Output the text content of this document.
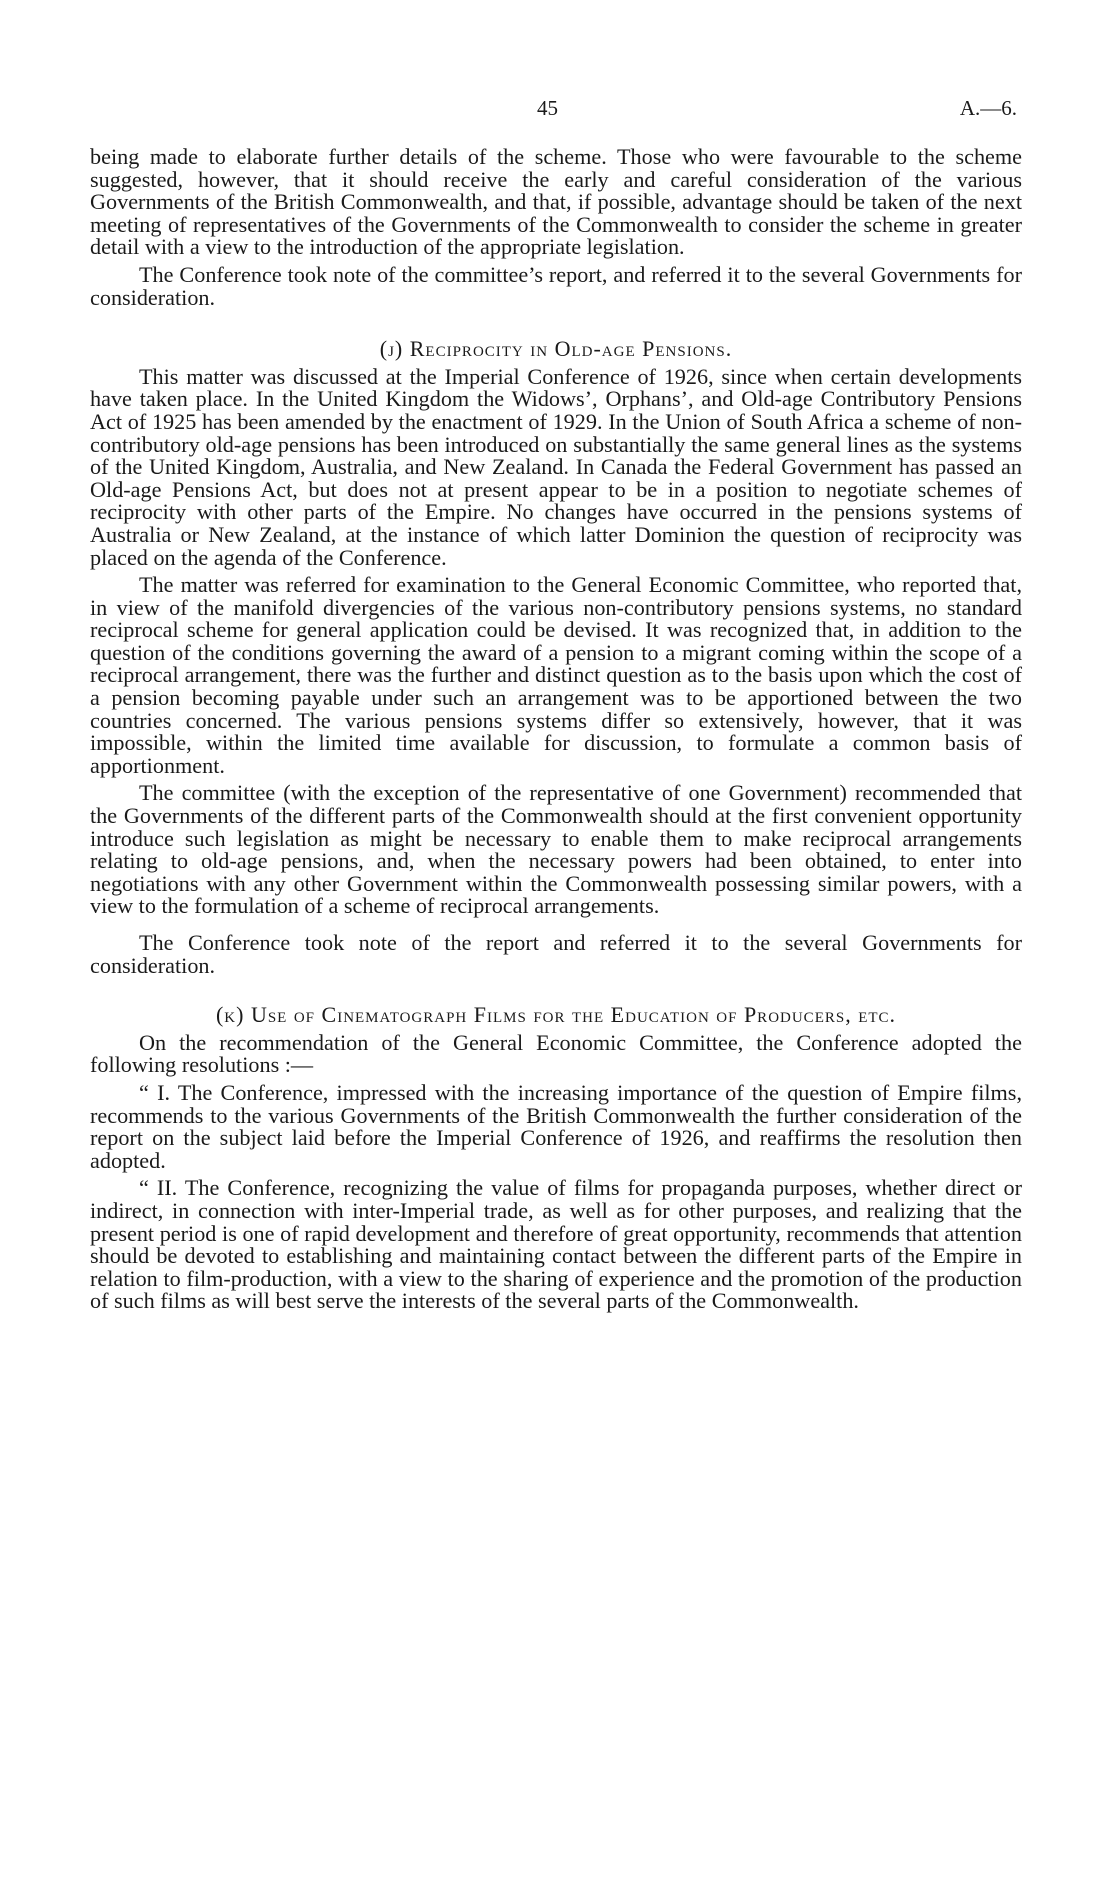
45	A.—6.

being made to elaborate further details of the scheme. Those who were favourable to the scheme suggested, however, that it should receive the early and careful consideration of the various Governments of the British Commonwealth, and that, if possible, advantage should be taken of the next meeting of representatives of the Governments of the Commonwealth to consider the scheme in greater detail with a view to the introduction of the appropriate legislation.

The Conference took note of the committee’s report, and referred it to the several Governments for consideration.

(j) Reciprocity in Old-age Pensions.

This matter was discussed at the Imperial Conference of 1926, since when certain developments have taken place. In the United Kingdom the Widows’, Orphans’, and Old-age Contributory Pensions Act of 1925 has been amended by the enactment of 1929. In the Union of South Africa a scheme of non-contributory old-age pensions has been introduced on substantially the same general lines as the systems of the United Kingdom, Australia, and New Zealand. In Canada the Federal Government has passed an Old-age Pensions Act, but does not at present appear to be in a position to negotiate schemes of reciprocity with other parts of the Empire. No changes have occurred in the pensions systems of Australia or New Zealand, at the instance of which latter Dominion the question of reciprocity was placed on the agenda of the Conference.

The matter was referred for examination to the General Economic Committee, who reported that, in view of the manifold divergencies of the various non-contributory pensions systems, no standard reciprocal scheme for general application could be devised. It was recognized that, in addition to the question of the conditions governing the award of a pension to a migrant coming within the scope of a reciprocal arrangement, there was the further and distinct question as to the basis upon which the cost of a pension becoming payable under such an arrangement was to be apportioned between the two countries concerned. The various pensions systems differ so extensively, however, that it was impossible, within the limited time available for discussion, to formulate a common basis of apportionment.

The committee (with the exception of the representative of one Government) recommended that the Governments of the different parts of the Commonwealth should at the first convenient opportunity introduce such legislation as might be necessary to enable them to make reciprocal arrangements relating to old-age pensions, and, when the necessary powers had been obtained, to enter into negotiations with any other Government within the Commonwealth possessing similar powers, with a view to the formulation of a scheme of reciprocal arrangements.

The Conference took note of the report and referred it to the several Governments for consideration.

(k) Use of Cinematograph Films for the Education of Producers, etc.

On the recommendation of the General Economic Committee, the Conference adopted the following resolutions :—

“ I. The Conference, impressed with the increasing importance of the question of Empire films, recommends to the various Governments of the British Commonwealth the further consideration of the report on the subject laid before the Imperial Conference of 1926, and reaffirms the resolution then adopted.

“ II. The Conference, recognizing the value of films for propaganda purposes, whether direct or indirect, in connection with inter-Imperial trade, as well as for other purposes, and realizing that the present period is one of rapid development and therefore of great opportunity, recommends that attention should be devoted to establishing and maintaining contact between the different parts of the Empire in relation to film-production, with a view to the sharing of experience and the promotion of the production of such films as will best serve the interests of the several parts of the Commonwealth.
